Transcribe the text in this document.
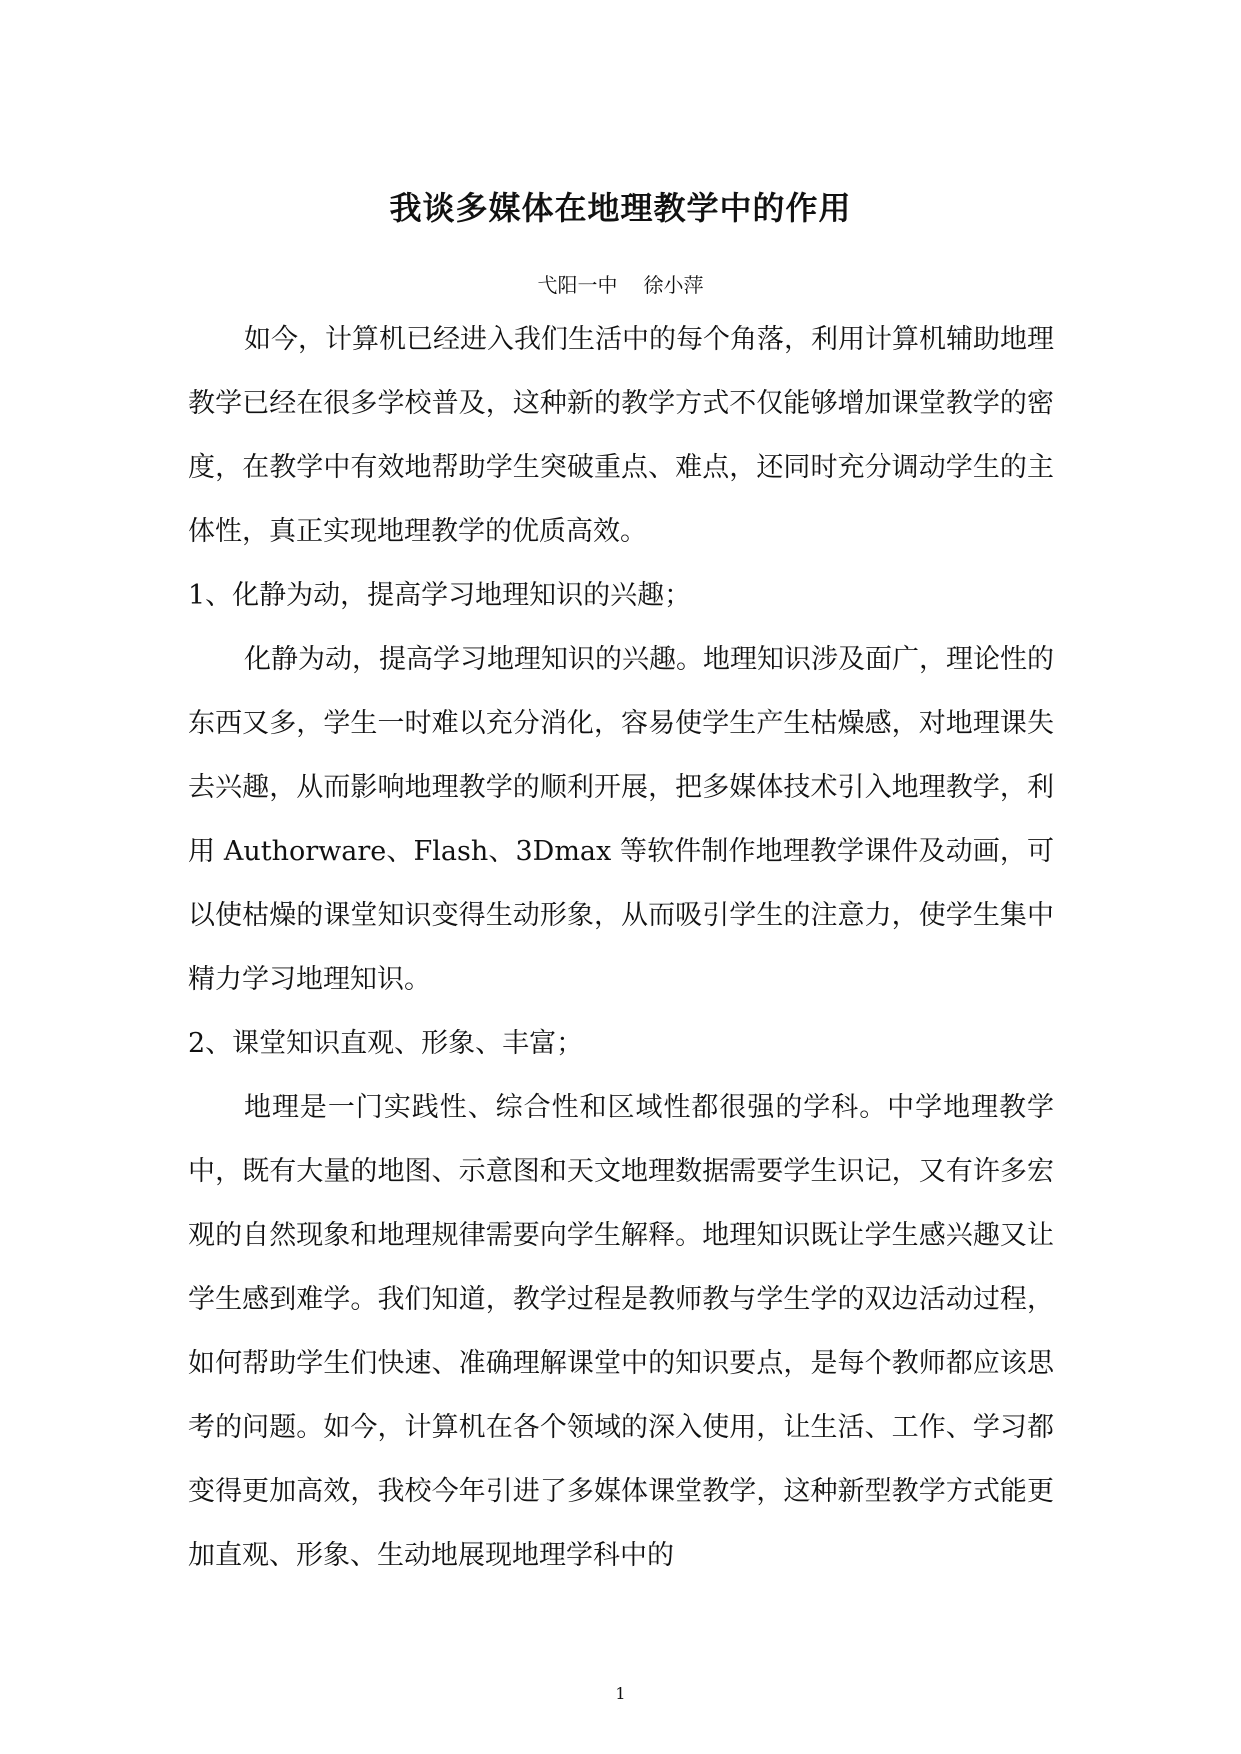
我谈多媒体在地理教学中的作用
弋阳一中 徐小萍

如今，计算机已经进入我们生活中的每个角落，利用计算机辅助地理教学已经在很多学校普及，这种新的教学方式不仅能够增加课堂教学的密度，在教学中有效地帮助学生突破重点、难点，还同时充分调动学生的主体性，真正实现地理教学的优质高效。

1、化静为动，提高学习地理知识的兴趣；

化静为动，提高学习地理知识的兴趣。地理知识涉及面广，理论性的东西又多，学生一时难以充分消化，容易使学生产生枯燥感，对地理课失去兴趣，从而影响地理教学的顺利开展，把多媒体技术引入地理教学，利用 Authorware、Flash、3Dmax 等软件制作地理教学课件及动画，可以使枯燥的课堂知识变得生动形象，从而吸引学生的注意力，使学生集中精力学习地理知识。

2、课堂知识直观、形象、丰富；

地理是一门实践性、综合性和区域性都很强的学科。中学地理教学中，既有大量的地图、示意图和天文地理数据需要学生识记，又有许多宏观的自然现象和地理规律需要向学生解释。地理知识既让学生感兴趣又让学生感到难学。我们知道，教学过程是教师教与学生学的双边活动过程，如何帮助学生们快速、准确理解课堂中的知识要点，是每个教师都应该思考的问题。如今，计算机在各个领域的深入使用，让生活、工作、学习都变得更加高效，我校今年引进了多媒体课堂教学，这种新型教学方式能更加直观、形象、生动地展现地理学科中的

1
